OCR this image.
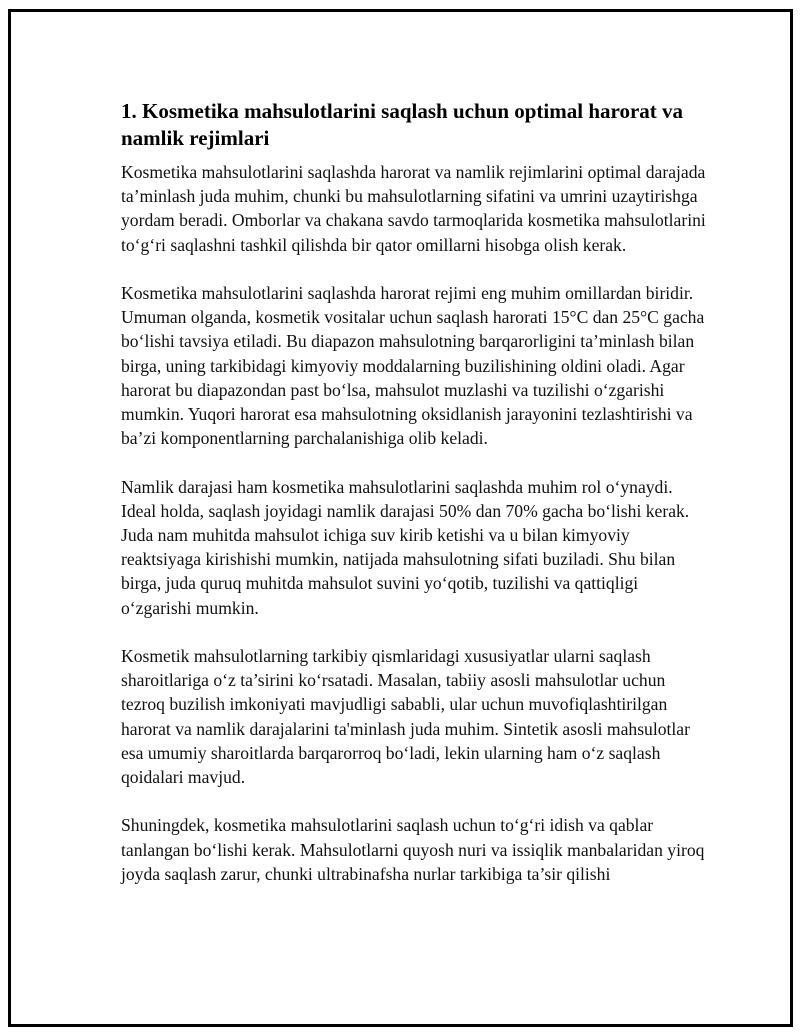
1. Kosmetika mahsulotlarini saqlash uchun optimal harorat va namlik rejimlari

Kosmetika mahsulotlarini saqlashda harorat va namlik rejimlarini optimal darajada ta’minlash juda muhim, chunki bu mahsulotlarning sifatini va umrini uzaytirishga yordam beradi. Omborlar va chakana savdo tarmoqlarida kosmetika mahsulotlarini to‘g‘ri saqlashni tashkil qilishda bir qator omillarni hisobga olish kerak.

Kosmetika mahsulotlarini saqlashda harorat rejimi eng muhim omillardan biridir. Umuman olganda, kosmetik vositalar uchun saqlash harorati 15°C dan 25°C gacha bo‘lishi tavsiya etiladi. Bu diapazon mahsulotning barqarorligini ta’minlash bilan birga, uning tarkibidagi kimyoviy moddalarning buzilishining oldini oladi. Agar harorat bu diapazondan past bo‘lsa, mahsulot muzlashi va tuzilishi o‘zgarishi mumkin. Yuqori harorat esa mahsulotning oksidlanish jarayonini tezlashtirishi va ba’zi komponentlarning parchalanishiga olib keladi.

Namlik darajasi ham kosmetika mahsulotlarini saqlashda muhim rol o‘ynaydi. Ideal holda, saqlash joyidagi namlik darajasi 50% dan 70% gacha bo‘lishi kerak. Juda nam muhitda mahsulot ichiga suv kirib ketishi va u bilan kimyoviy reaktsiyaga kirishishi mumkin, natijada mahsulotning sifati buziladi. Shu bilan birga, juda quruq muhitda mahsulot suvini yo‘qotib, tuzilishi va qattiqligi o‘zgarishi mumkin.

Kosmetik mahsulotlarning tarkibiy qismlaridagi xususiyatlar ularni saqlash sharoitlariga o‘z ta’sirini ko‘rsatadi. Masalan, tabiiy asosli mahsulotlar uchun tezroq buzilish imkoniyati mavjudligi sababli, ular uchun muvofiqlashtirilgan harorat va namlik darajalarini ta'minlash juda muhim. Sintetik asosli mahsulotlar esa umumiy sharoitlarda barqarorroq bo‘ladi, lekin ularning ham o‘z saqlash qoidalari mavjud.

Shuningdek, kosmetika mahsulotlarini saqlash uchun to‘g‘ri idish va qablar tanlangan bo‘lishi kerak. Mahsulotlarni quyosh nuri va issiqlik manbalaridan yiroq joyda saqlash zarur, chunki ultrabinafsha nurlar tarkibiga ta’sir qilishi
